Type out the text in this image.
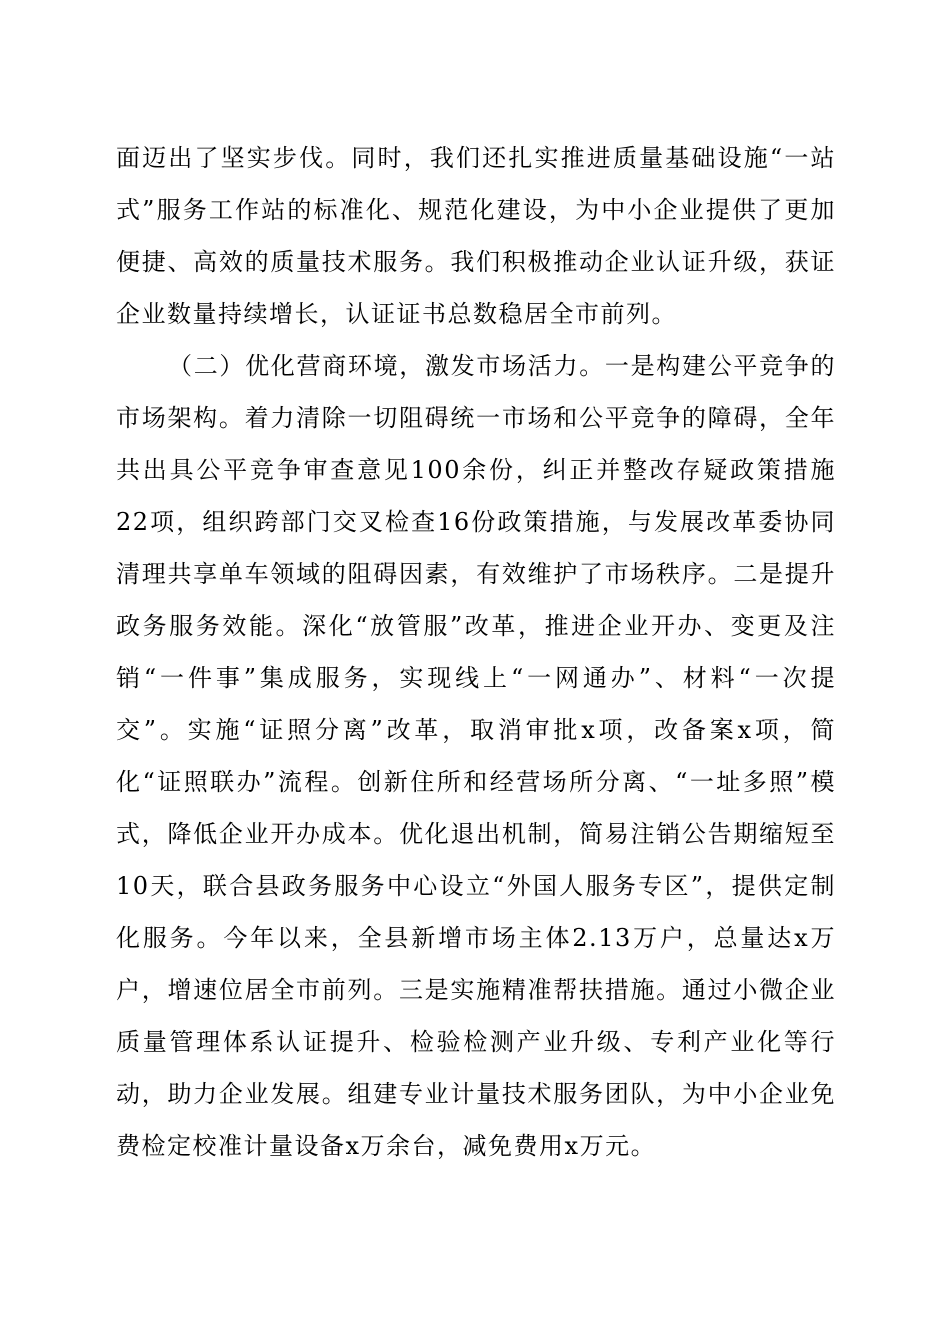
面迈出了坚实步伐。同时，我们还扎实推进质量基础设施“一站式”服务工作站的标准化、规范化建设，为中小企业提供了更加便捷、高效的质量技术服务。我们积极推动企业认证升级，获证企业数量持续增长，认证证书总数稳居全市前列。

（二）优化营商环境，激发市场活力。一是构建公平竞争的市场架构。着力清除一切阻碍统一市场和公平竞争的障碍，全年共出具公平竞争审查意见100余份，纠正并整改存疑政策措施22项，组织跨部门交叉检查16份政策措施，与发展改革委协同清理共享单车领域的阻碍因素，有效维护了市场秩序。二是提升政务服务效能。深化“放管服”改革，推进企业开办、变更及注销“一件事”集成服务，实现线上“一网通办”、材料“一次提交”。实施“证照分离”改革，取消审批x项，改备案x项，简化“证照联办”流程。创新住所和经营场所分离、“一址多照”模式，降低企业开办成本。优化退出机制，简易注销公告期缩短至10天，联合县政务服务中心设立“外国人服务专区”，提供定制化服务。今年以来，全县新增市场主体2.13万户，总量达x万户，增速位居全市前列。三是实施精准帮扶措施。通过小微企业质量管理体系认证提升、检验检测产业升级、专利产业化等行动，助力企业发展。组建专业计量技术服务团队，为中小企业免费检定校准计量设备x万余台，减免费用x万元。
